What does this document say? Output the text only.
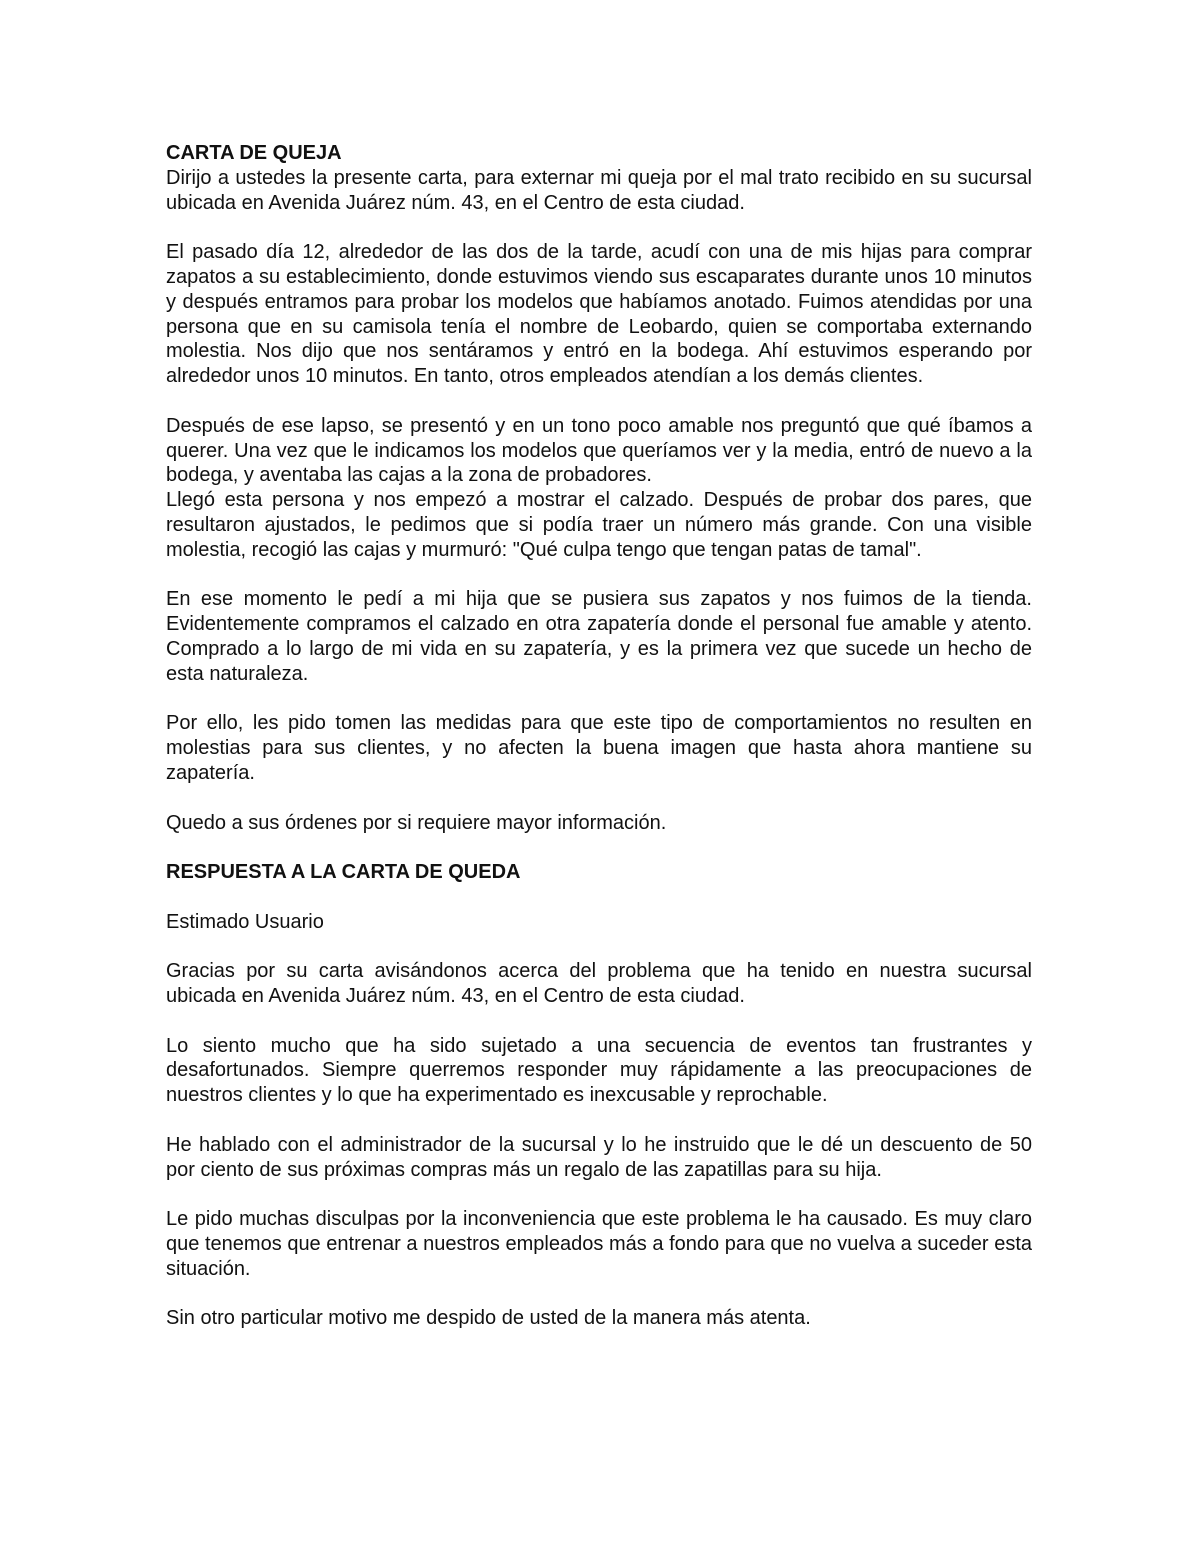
CARTA DE QUEJA

Dirijo a ustedes la presente carta, para externar mi queja por el mal trato recibido en su sucursal ubicada en Avenida Juárez núm. 43, en el Centro de esta ciudad.

El pasado día 12, alrededor de las dos de la tarde, acudí con una de mis hijas para comprar zapatos a su establecimiento, donde estuvimos viendo sus escaparates durante unos 10 minutos y después entramos para probar los modelos que habíamos anotado. Fuimos atendidas por una persona que en su camisola tenía el nombre de Leobardo, quien se comportaba externando molestia. Nos dijo que nos sentáramos y entró en la bodega. Ahí estuvimos esperando por alrededor unos 10 minutos. En tanto, otros empleados atendían a los demás clientes.

Después de ese lapso, se presentó y en un tono poco amable nos preguntó que qué íbamos a querer. Una vez que le indicamos los modelos que queríamos ver y la media, entró de nuevo a la bodega, y aventaba las cajas a la zona de probadores.

Llegó esta persona y nos empezó a mostrar el calzado. Después de probar dos pares, que resultaron ajustados, le pedimos que si podía traer un número más grande. Con una visible molestia, recogió las cajas y murmuró: "Qué culpa tengo que tengan patas de tamal".

En ese momento le pedí a mi hija que se pusiera sus zapatos y nos fuimos de la tienda. Evidentemente compramos el calzado en otra zapatería donde el personal fue amable y atento. Comprado a lo largo de mi vida en su zapatería, y es la primera vez que sucede un hecho de esta naturaleza.

Por ello, les pido tomen las medidas para que este tipo de comportamientos no resulten en molestias para sus clientes, y no afecten la buena imagen que hasta ahora mantiene su zapatería.

Quedo a sus órdenes por si requiere mayor información.

RESPUESTA A LA CARTA DE QUEDA

Estimado Usuario

Gracias por su carta avisándonos acerca del problema que ha tenido en nuestra sucursal ubicada en Avenida Juárez núm. 43, en el Centro de esta ciudad.

Lo siento mucho que ha sido sujetado a una secuencia de eventos tan frustrantes y desafortunados. Siempre querremos responder muy rápidamente a las preocupaciones de nuestros clientes y lo que ha experimentado es inexcusable y reprochable.

He hablado con el administrador de la sucursal y lo he instruido que le dé un descuento de 50 por ciento de sus próximas compras más un regalo de las zapatillas para su hija.

Le pido muchas disculpas por la inconveniencia que este problema le ha causado. Es muy claro que tenemos que entrenar a nuestros empleados más a fondo para que no vuelva a suceder esta situación.

Sin otro particular motivo me despido de usted de la manera más atenta.
